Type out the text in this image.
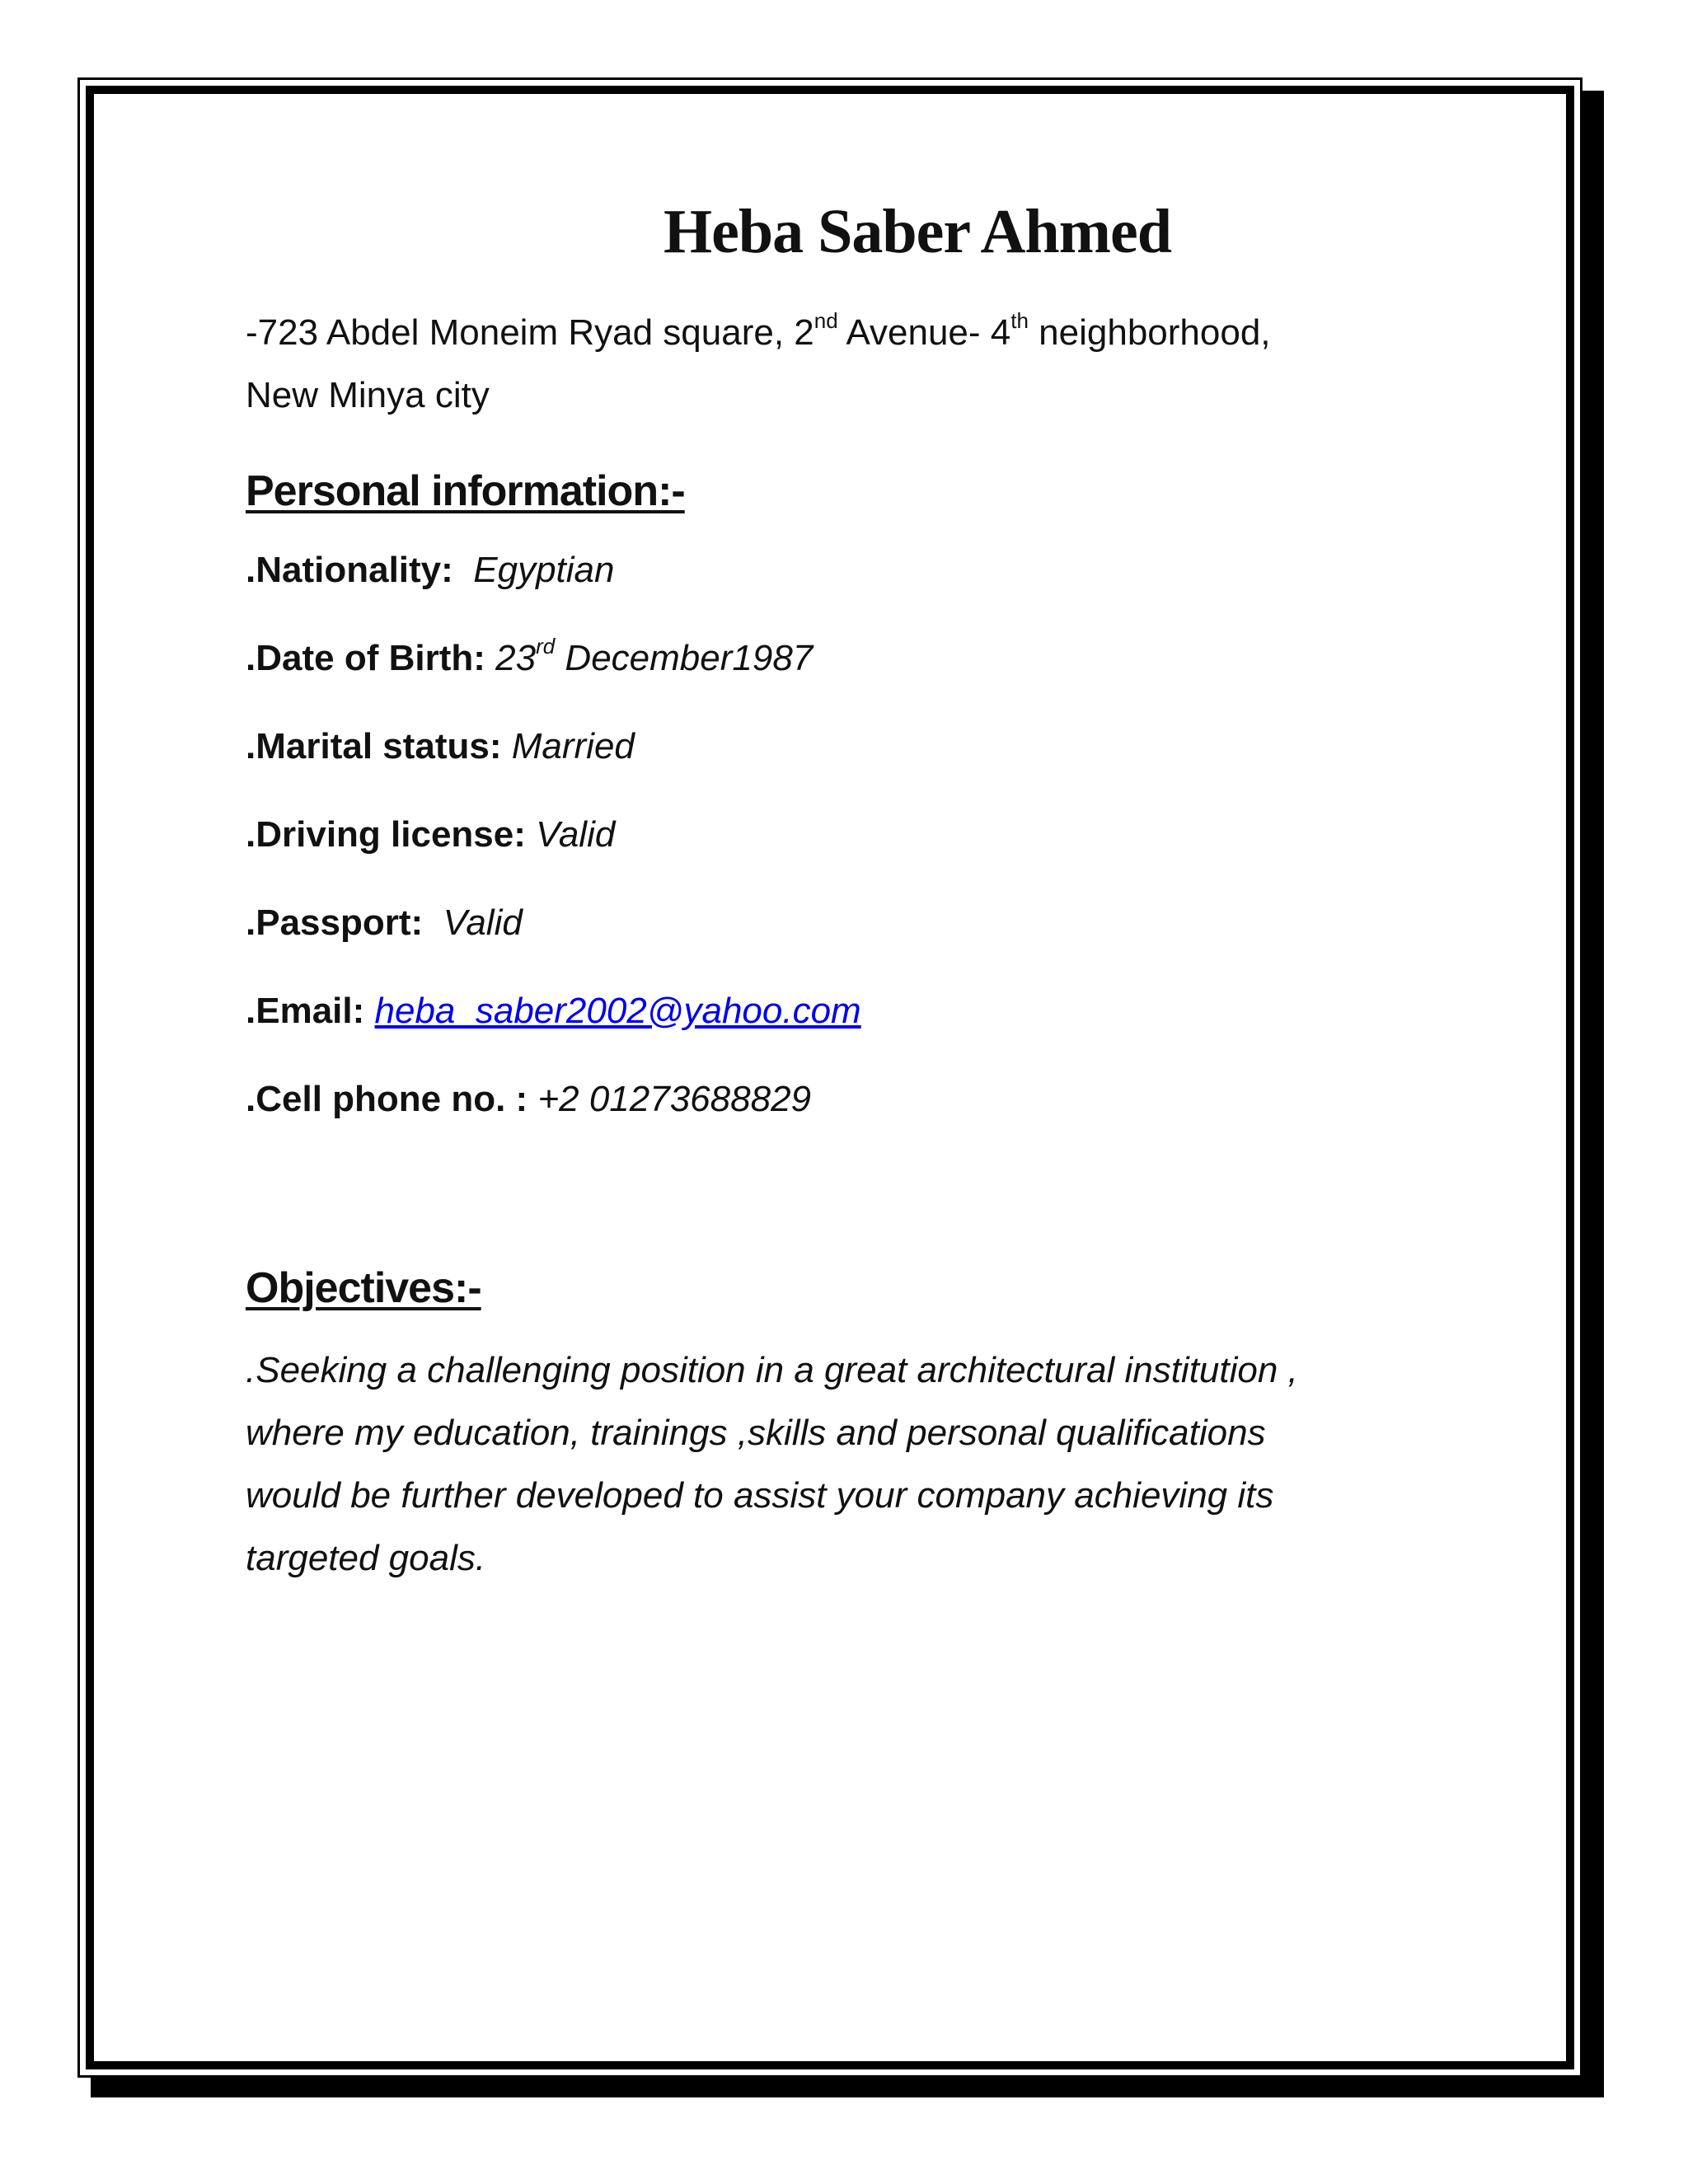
Heba Saber Ahmed
-723 Abdel Moneim Ryad square, 2nd Avenue- 4th neighborhood,
New Minya city
Personal information:-
.Nationality: Egyptian
.Date of Birth: 23rd December1987
.Marital status: Married
.Driving license: Valid
.Passport: Valid
.Email: heba_saber2002@yahoo.com
.Cell phone no. : +2 01273688829
Objectives:-
.Seeking a challenging position in a great architectural institution ,
where my education, trainings ,skills and personal qualifications
would be further developed to assist your company achieving its
targeted goals.
